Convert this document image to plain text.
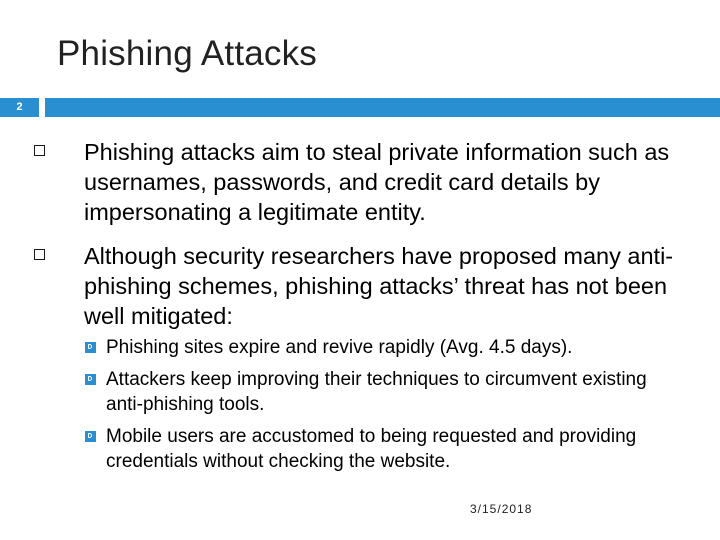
Phishing Attacks
2
Phishing attacks aim to steal private information such as usernames, passwords, and credit card details by impersonating a legitimate entity.
Although security researchers have proposed many anti-phishing schemes, phishing attacks’ threat has not been well mitigated:
Phishing sites expire and revive rapidly (Avg. 4.5 days).
Attackers keep improving their techniques to circumvent existing anti-phishing tools.
Mobile users are accustomed to being requested and providing credentials without checking the website.
3/15/2018
